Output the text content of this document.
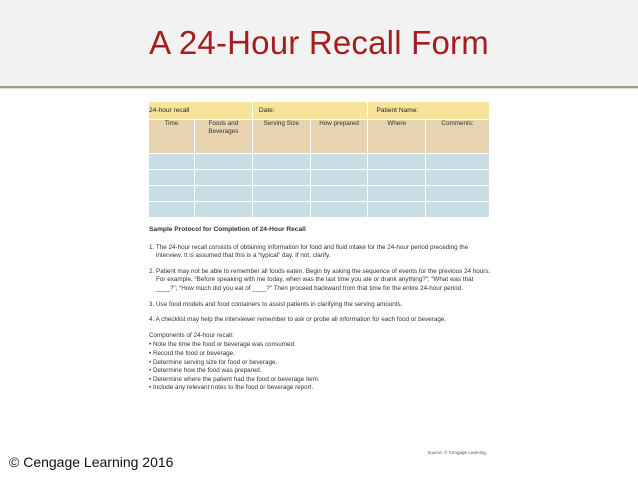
A 24-Hour Recall Form
24-hour recall		Date:		Patient Name:	
Time	Foods and Beverages	Serving Size	How prepared	Where	Comments:

Sample Protocol for Completion of 24-Hour Recall

1. The 24-hour recall consists of obtaining information for food and fluid intake for the 24-hour period preceding the interview. It is assumed that this is a “typical” day. If not, clarify.

2. Patient may not be able to remember all foods eaten. Begin by asking the sequence of events for the previous 24 hours. For example, “Before speaking with me today, when was the last time you ate or drank anything?”; “What was that ____?”; “How much did you eat of ____?” Then proceed backward from that time for the entire 24-hour period.

3. Use food models and food containers to assist patients in clarifying the serving amounts.

4. A checklist may help the interviewer remember to ask or probe all information for each food or beverage.

Components of 24-hour recall:

• Note the time the food or beverage was consumed.

• Record the food or beverage.

• Determine serving size for food or beverage.

• Determine how the food was prepared.

• Determine where the patient had the food or beverage item.

• Include any relevant notes to the food or beverage report.

Source: © Cengage Learning.
© Cengage Learning 2016
